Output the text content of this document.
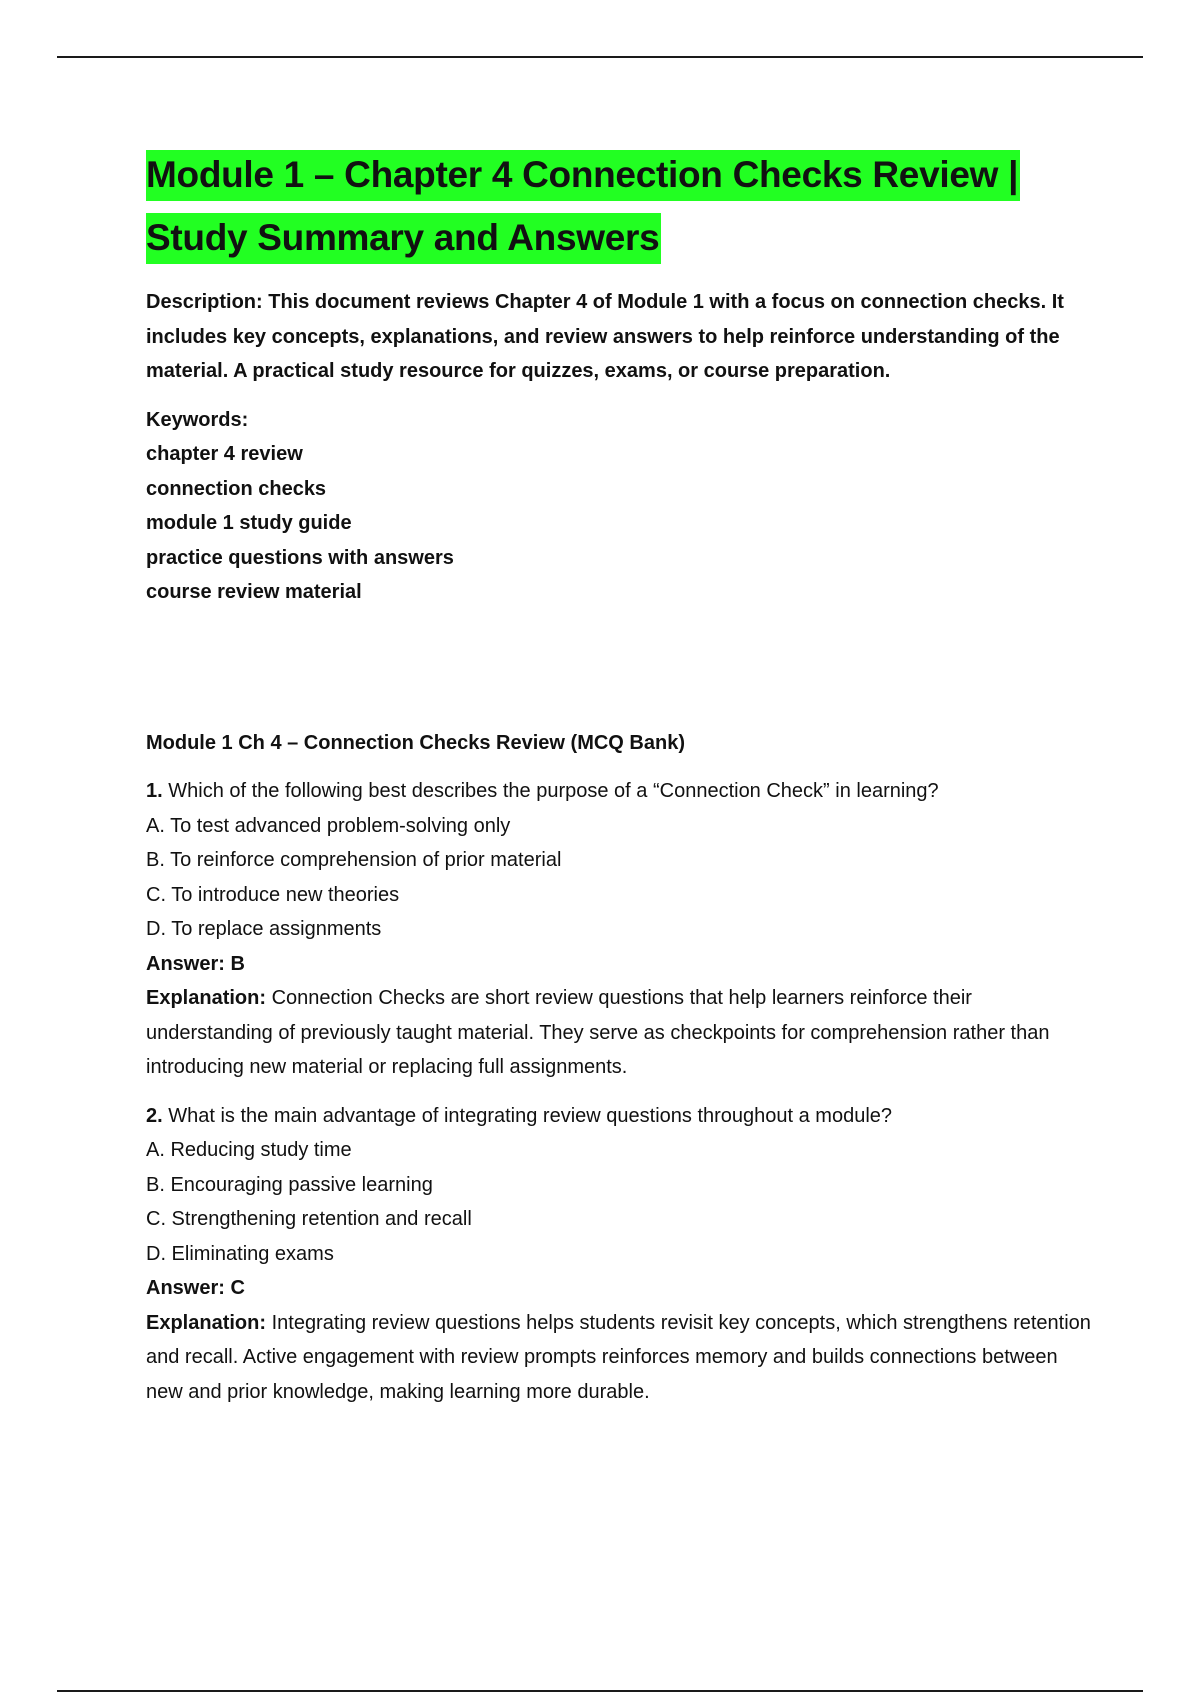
Module 1 – Chapter 4 Connection Checks Review |
Study Summary and Answers

Description: This document reviews Chapter 4 of Module 1 with a focus on connection checks. It includes key concepts, explanations, and review answers to help reinforce understanding of the material. A practical study resource for quizzes, exams, or course preparation.

Keywords:
chapter 4 review
connection checks
module 1 study guide
practice questions with answers
course review material
Module 1 Ch 4 – Connection Checks Review (MCQ Bank)
1. Which of the following best describes the purpose of a “Connection Check” in learning?
A. To test advanced problem-solving only
B. To reinforce comprehension of prior material
C. To introduce new theories
D. To replace assignments
Answer: B
Explanation: Connection Checks are short review questions that help learners reinforce their understanding of previously taught material. They serve as checkpoints for comprehension rather than introducing new material or replacing full assignments.
2. What is the main advantage of integrating review questions throughout a module?
A. Reducing study time
B. Encouraging passive learning
C. Strengthening retention and recall
D. Eliminating exams
Answer: C
Explanation: Integrating review questions helps students revisit key concepts, which strengthens retention and recall. Active engagement with review prompts reinforces memory and builds connections between new and prior knowledge, making learning more durable.
